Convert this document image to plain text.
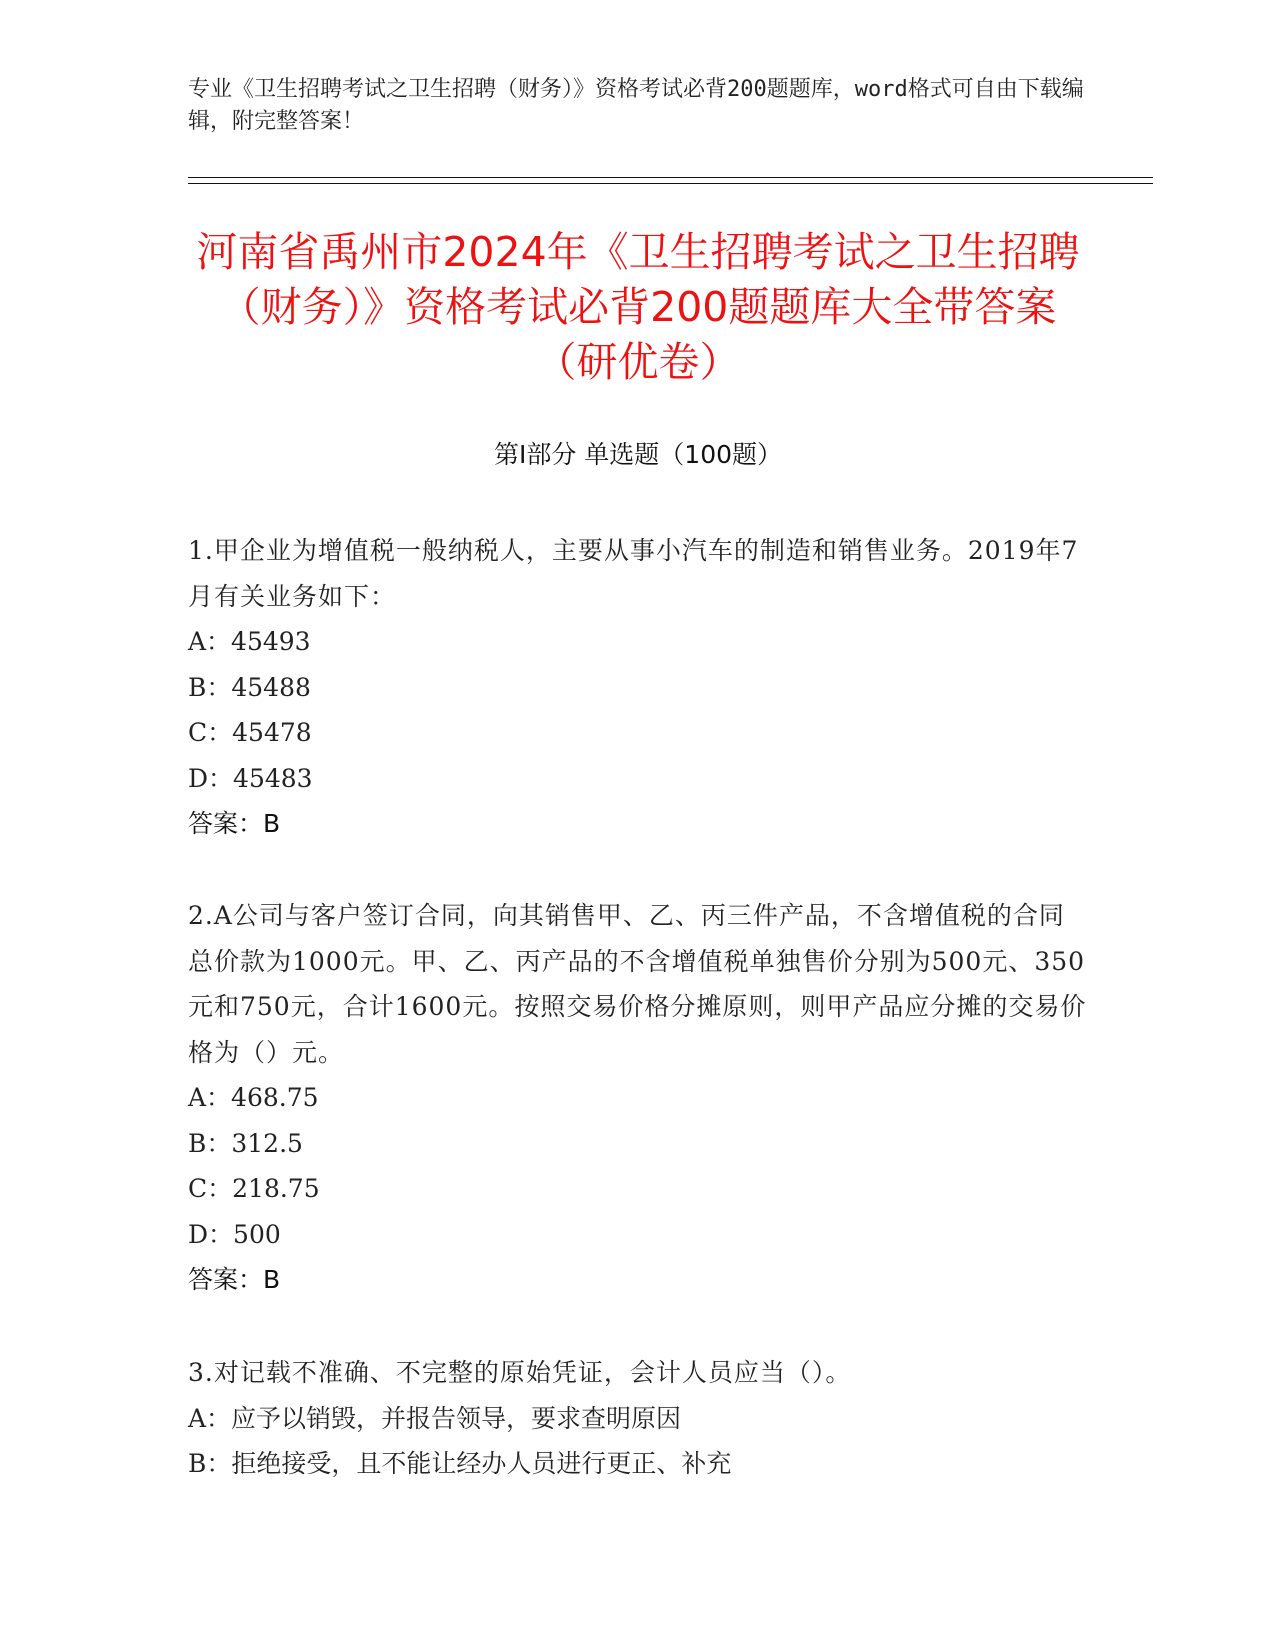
专业《卫生招聘考试之卫生招聘（财务）》资格考试必背200题题库，word格式可自由下载编辑，附完整答案！
河南省禹州市2024年《卫生招聘考试之卫生招聘（财务）》资格考试必背200题题库大全带答案（研优卷）
第I部分 单选题（100题）
1.甲企业为增值税一般纳税人，主要从事小汽车的制造和销售业务。2019年7月有关业务如下：
A：45493
B：45488
C：45478
D：45483
答案：B
2.A公司与客户签订合同，向其销售甲、乙、丙三件产品，不含增值税的合同总价款为1000元。甲、乙、丙产品的不含增值税单独售价分别为500元、350元和750元，合计1600元。按照交易价格分摊原则，则甲产品应分摊的交易价格为（）元。
A：468.75
B：312.5
C：218.75
D：500
答案：B
3.对记载不准确、不完整的原始凭证，会计人员应当（）。
A：应予以销毁，并报告领导，要求查明原因
B：拒绝接受，且不能让经办人员进行更正、补充
